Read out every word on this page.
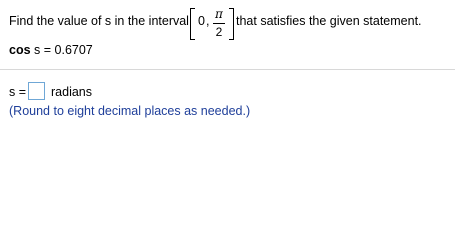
Find the value of s in the interval 0 , π
2
that satisfies the given statement.
cos s = 0.6707
s = radians
(Round to eight decimal places as needed.)
